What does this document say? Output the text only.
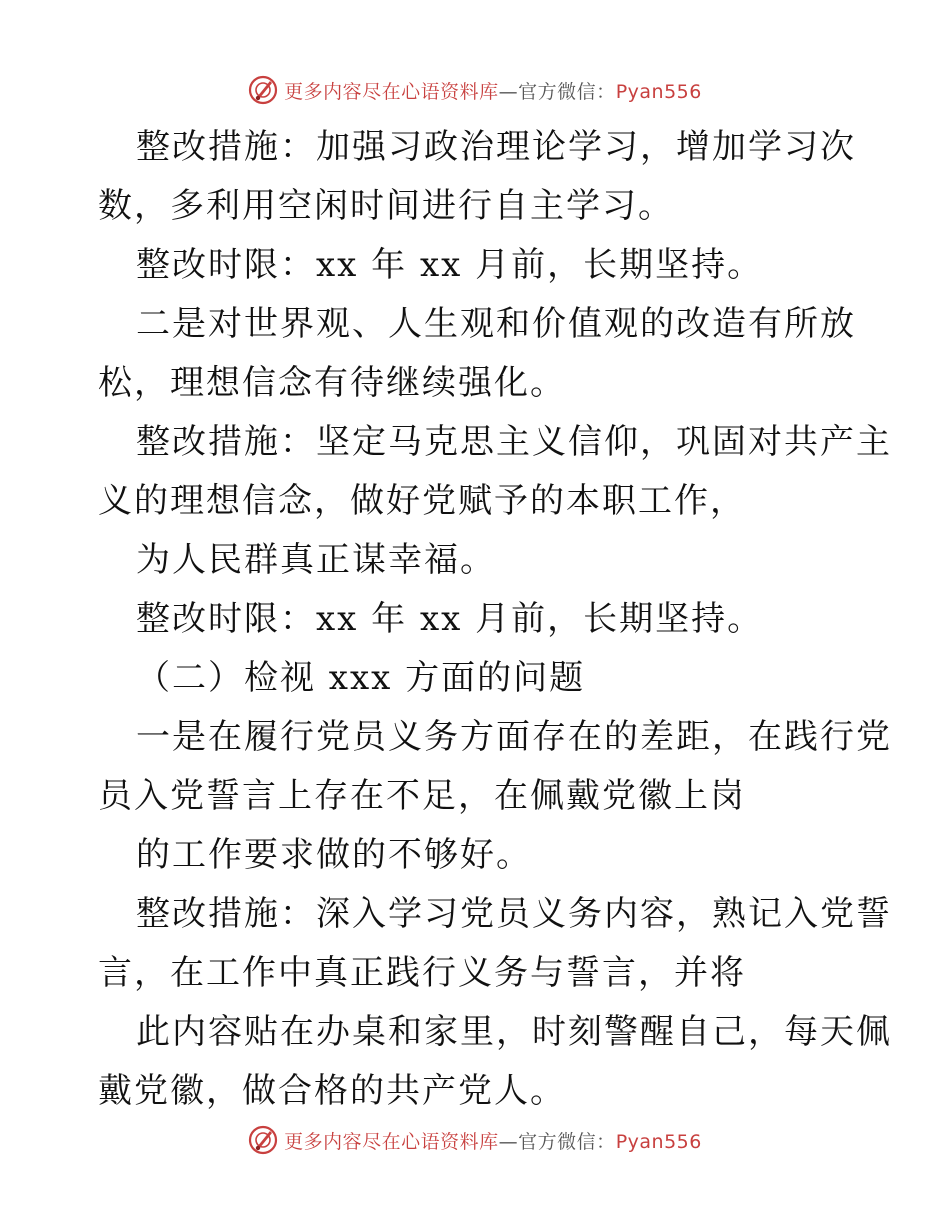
更多内容尽在心语资料库—官方微信：Pyan556
整改措施：加强习政治理论学习，增加学习次
数，多利用空闲时间进行自主学习。
整改时限：xx 年 xx 月前，长期坚持。
二是对世界观、人生观和价值观的改造有所放
松，理想信念有待继续强化。
整改措施：坚定马克思主义信仰，巩固对共产主
义的理想信念，做好党赋予的本职工作，
为人民群真正谋幸福。
整改时限：xx 年 xx 月前，长期坚持。
（二）检视 xxx 方面的问题
一是在履行党员义务方面存在的差距，在践行党
员入党誓言上存在不足，在佩戴党徽上岗
的工作要求做的不够好。
整改措施：深入学习党员义务内容，熟记入党誓
言，在工作中真正践行义务与誓言，并将
此内容贴在办桌和家里，时刻警醒自己，每天佩
戴党徽，做合格的共产党人。
更多内容尽在心语资料库—官方微信：Pyan556
